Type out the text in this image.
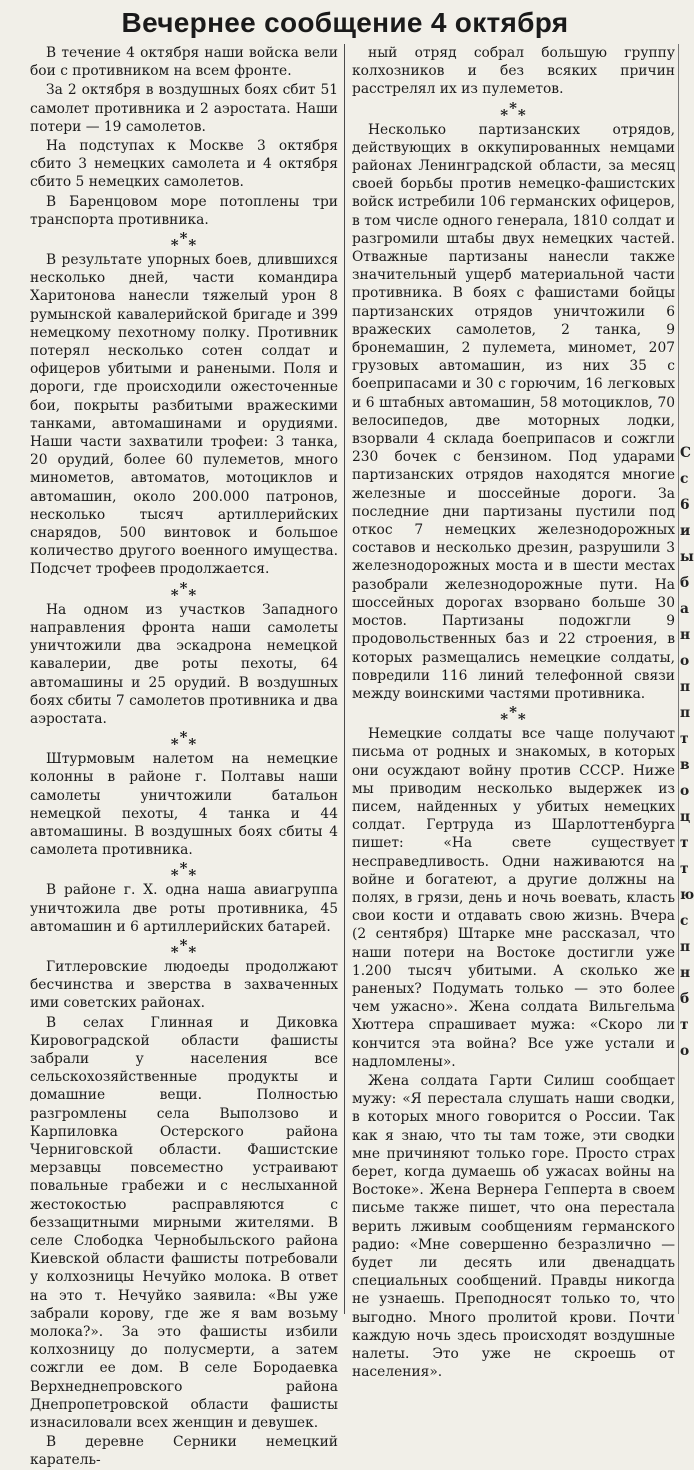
Вечернее сообщение 4 октября

В течение 4 октября наши войска вели бои с противником на всем фронте.

За 2 октября в воздушных боях сбит 51 самолет противника и 2 аэростата. Наши потери — 19 самолетов.

На подступах к Москве 3 октября сбито 3 немецких самолета и 4 октября сбито 5 немецких самолетов.

В Баренцовом море потоплены три транспорта противника.

***

В результате упорных боев, длившихся несколько дней, части командира Харитонова нанесли тяжелый урон 8 румынской кавалерийской бригаде и 399 немецкому пехотному полку. Противник потерял несколько сотен солдат и офицеров убитыми и ранеными. Поля и дороги, где происходили ожесточенные бои, покрыты разбитыми вражескими танками, автомашинами и орудиями. Наши части захватили трофеи: 3 танка, 20 орудий, более 60 пулеметов, много минометов, автоматов, мотоциклов и автомашин, около 200.000 патронов, несколько тысяч артиллерийских снарядов, 500 винтовок и большое количество другого военного имущества. Подсчет трофеев продолжается.

***

На одном из участков Западного направления фронта наши самолеты уничтожили два эскадрона немецкой кавалерии, две роты пехоты, 64 автомашины и 25 орудий. В воздушных боях сбиты 7 самолетов противника и два аэростата.

***

Штурмовым налетом на немецкие колонны в районе г. Полтавы наши самолеты уничтожили батальон немецкой пехоты, 4 танка и 44 автомашины. В воздушных боях сбиты 4 самолета противника.

***

В районе г. Х. одна наша авиагруппа уничтожила две роты противника, 45 автомашин и 6 артиллерийских батарей.

***

Гитлеровские людоеды продолжают бесчинства и зверства в захваченных ими советских районах.

В селах Глинная и Диковка Кировоградской области фашисты забрали у населения все сельскохозяйственные продукты и домашние вещи. Полностью разгромлены села Выползово и Карпиловка Остерского района Черниговской области. Фашистские мерзавцы повсеместно устраивают повальные грабежи и с неслыханной жестокостью расправляются с беззащитными мирными жителями. В селе Слободка Чернобыльского района Киевской области фашисты потребовали у колхозницы Нечуйко молока. В ответ на это т. Нечуйко заявила: «Вы уже забрали корову, где же я вам возьму молока?». За это фашисты избили колхозницу до полусмерти, а затем сожгли ее дом. В селе Бородаевка Верхнеднепровского района Днепропетровской области фашисты изнасиловали всех женщин и девушек.

В деревне Серники немецкий каратель-

ный отряд собрал большую группу колхозников и без всяких причин расстрелял их из пулеметов.

***

Несколько партизанских отрядов, действующих в оккупированных немцами районах Ленинградской области, за месяц своей борьбы против немецко-фашистских войск истребили 106 германских офицеров, в том числе одного генерала, 1810 солдат и разгромили штабы двух немецких частей. Отважные партизаны нанесли также значительный ущерб материальной части противника. В боях с фашистами бойцы партизанских отрядов уничтожили 6 вражеских самолетов, 2 танка, 9 бронемашин, 2 пулемета, миномет, 207 грузовых автомашин, из них 35 с боеприпасами и 30 с горючим, 16 легковых и 6 штабных автомашин, 58 мотоциклов, 70 велосипедов, две моторных лодки, взорвали 4 склада боеприпасов и сожгли 230 бочек с бензином. Под ударами партизанских отрядов находятся многие железные и шоссейные дороги. За последние дни партизаны пустили под откос 7 немецких железнодорожных составов и несколько дрезин, разрушили 3 железнодорожных моста и в шести местах разобрали железнодорожные пути. На шоссейных дорогах взорвано больше 30 мостов. Партизаны подожгли 9 продовольственных баз и 22 строения, в которых размещались немецкие солдаты, повредили 116 линий телефонной связи между воинскими частями противника.

***

Немецкие солдаты все чаще получают письма от родных и знакомых, в которых они осуждают войну против СССР. Ниже мы приводим несколько выдержек из писем, найденных у убитых немецких солдат. Гертруда из Шарлоттенбурга пишет: «На свете существует несправедливость. Одни наживаются на войне и богатеют, а другие должны на полях, в грязи, день и ночь воевать, класть свои кости и отдавать свою жизнь. Вчера (2 сентября) Штарке мне рассказал, что наши потери на Востоке достигли уже 1.200 тысяч убитыми. А сколько же раненых? Подумать только — это более чем ужасно». Жена солдата Вильгельма Хюттера спрашивает мужа: «Скоро ли кончится эта война? Все уже устали и надломлены».

Жена солдата Гарти Силиш сообщает мужу: «Я перестала слушать наши сводки, в которых много говорится о России. Так как я знаю, что ты там тоже, эти сводки мне причиняют только горе. Просто страх берет, когда думаешь об ужасах войны на Востоке». Жена Вернера Гепперта в своем письме также пишет, что она перестала верить лживым сообщениям германского радио: «Мне совершенно безразлично — будет ли десять или двенадцать специальных сообщений. Правды никогда не узнаешь. Преподносят только то, что выгодно. Много пролитой крови. Почти каждую ночь здесь происходят воздушные налеты. Это уже не скроешь от населения».

С
с
6
и
ы
б
а
н
о
п
п
т
в
о
ц
т
т
ю
с
п
н
б
т
о
